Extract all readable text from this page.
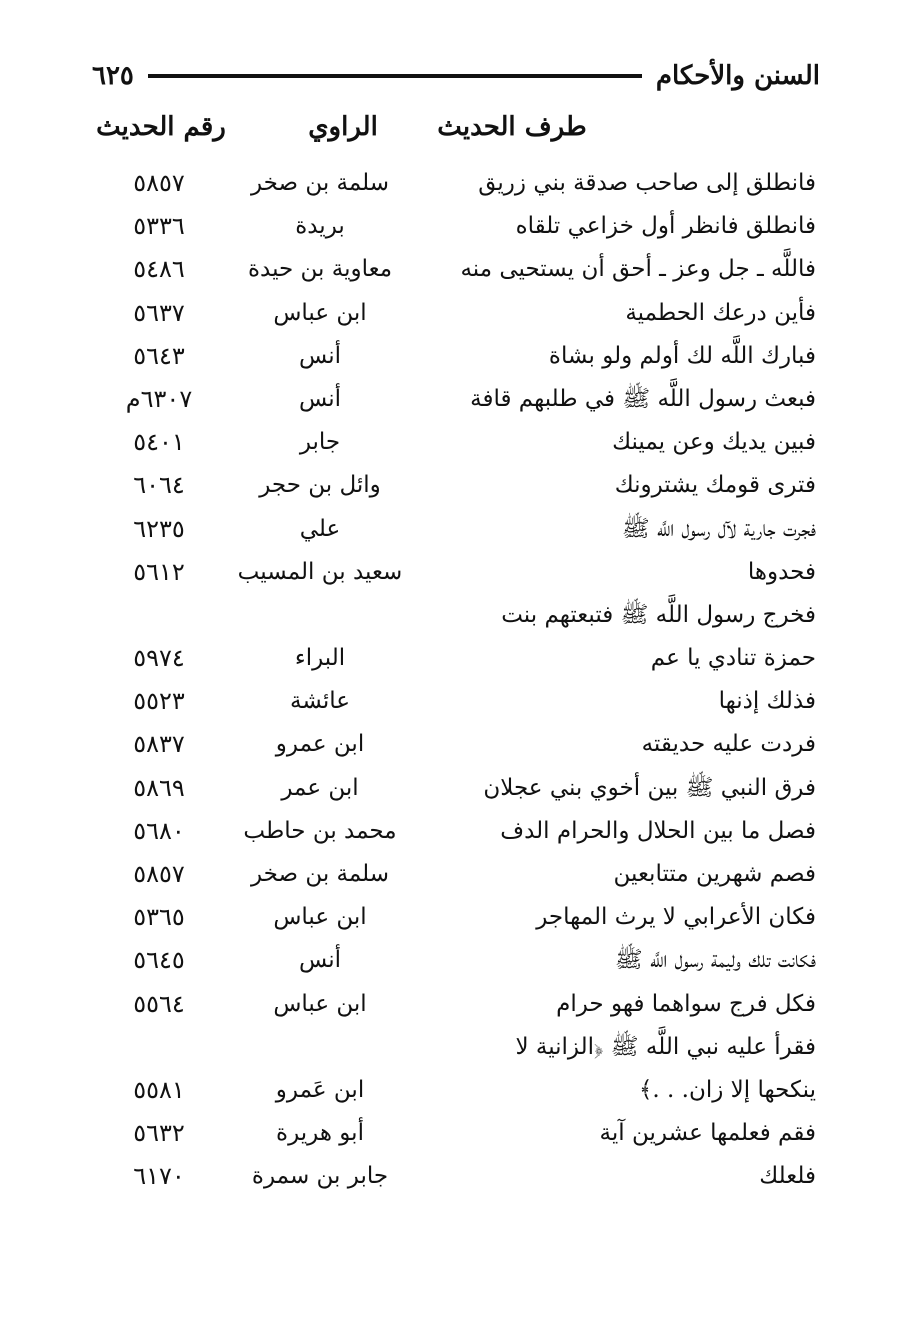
السنن والأحكام
٦٢٥
طرف الحديث
الراوي
رقم الحديث
فانطلق إلى صاحب صدقة بني زريق
سلمة بن صخر
٥٨٥٧
فانطلق فانظر أول خزاعي تلقاه
بريدة
٥٣٣٦
فاللَّه ـ جل وعز ـ أحق أن يستحيى منه
معاوية بن حيدة
٥٤٨٦
فأين درعك الحطمية
ابن عباس
٥٦٣٧
فبارك اللَّه لك أولم ولو بشاة
أنس
٥٦٤٣
فبعث رسول اللَّه ﷺ في طلبهم قافة
أنس
٦٣٠٧م
فبين يديك وعن يمينك
جابر
٥٤٠١
فترى قومك يشترونك
وائل بن حجر
٦٠٦٤
فجرت جارية لآل رسول اللَّه ﷺ
علي
٦٢٣٥
فحدوها
سعيد بن المسيب
٥٦١٢
فخرج رسول اللَّه ﷺ فتبعتهم بنت
حمزة تنادي يا عم
البراء
٥٩٧٤
فذلك إذنها
عائشة
٥٥٢٣
فردت عليه حديقته
ابن عمرو
٥٨٣٧
فرق النبي ﷺ بين أخوي بني عجلان
ابن عمر
٥٨٦٩
فصل ما بين الحلال والحرام الدف
محمد بن حاطب
٥٦٨٠
فصم شهرين متتابعين
سلمة بن صخر
٥٨٥٧
فكان الأعرابي لا يرث المهاجر
ابن عباس
٥٣٦٥
فكانت تلك وليمة رسول اللَّه ﷺ
أنس
٥٦٤٥
فكل فرج سواهما فهو حرام
ابن عباس
٥٥٦٤
فقرأ عليه نبي اللَّه ﷺ ﴿الزانية لا
ينكحها إلا زان. . .﴾
ابن عَمرو
٥٥٨١
فقم فعلمها عشرين آية
أبو هريرة
٥٦٣٢
فلعلك
جابر بن سمرة
٦١٧٠
